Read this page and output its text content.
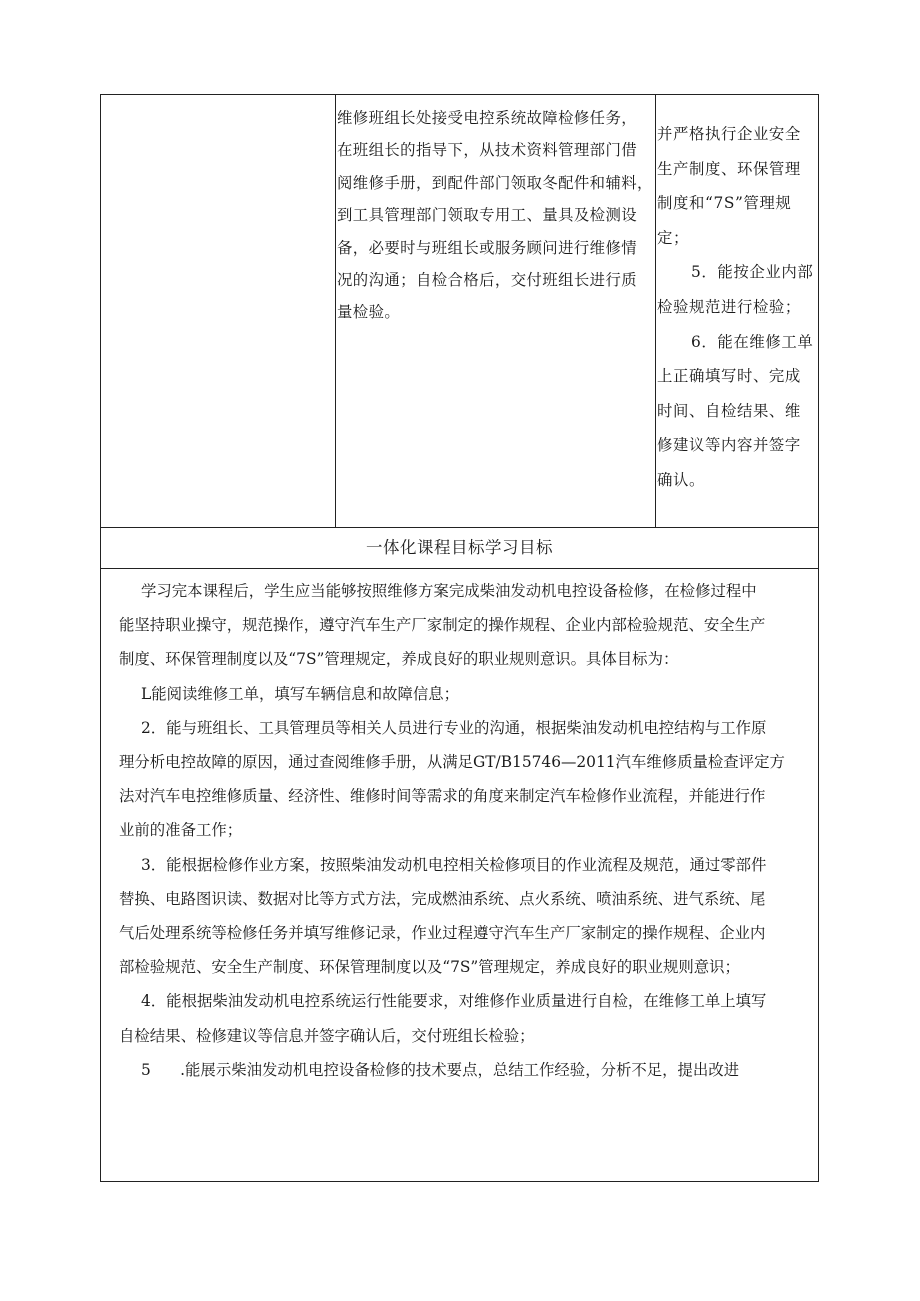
维修班组长处接受电控系统故障检修任务，
在班组长的指导下，从技术资料管理部门借
阅维修手册，到配件部门领取冬配件和辅料，
到工具管理部门领取专用工、量具及检测设
备，必要时与班组长或服务顾问进行维修情
况的沟通；自检合格后，交付班组长进行质
量检验。
并严格执行企业安全
生产制度、环保管理
制度和“7S”管理规
定；
5．能按企业内部
检验规范进行检验；
6．能在维修工单
上正确填写时、完成
时间、自检结果、维
修建议等内容并签字
确认。
一体化课程目标学习目标
学习完本课程后，学生应当能够按照维修方案完成柴油发动机电控设备检修，在检修过程中
能坚持职业操守，规范操作，遵守汽车生产厂家制定的操作规程、企业内部检验规范、安全生产
制度、环保管理制度以及“7S”管理规定，养成良好的职业规则意识。具体目标为：
L能阅读维修工单，填写车辆信息和故障信息；
2．能与班组长、工具管理员等相关人员进行专业的沟通，根据柴油发动机电控结构与工作原
理分析电控故障的原因，通过查阅维修手册，从满足GT/B15746—2011汽车维修质量检查评定方
法对汽车电控维修质量、经济性、维修时间等需求的角度来制定汽车检修作业流程，并能进行作
业前的准备工作；
3．能根据检修作业方案，按照柴油发动机电控相关检修项目的作业流程及规范，通过零部件
替换、电路图识读、数据对比等方式方法，完成燃油系统、点火系统、喷油系统、进气系统、尾
气后处理系统等检修任务并填写维修记录，作业过程遵守汽车生产厂家制定的操作规程、企业内
部检验规范、安全生产制度、环保管理制度以及“7S”管理规定，养成良好的职业规则意识；
4．能根据柴油发动机电控系统运行性能要求，对维修作业质量进行自检，在维修工单上填写
自检结果、检修建议等信息并签字确认后，交付班组长检验；
5      .能展示柴油发动机电控设备检修的技术要点，总结工作经验，分析不足，提出改进
